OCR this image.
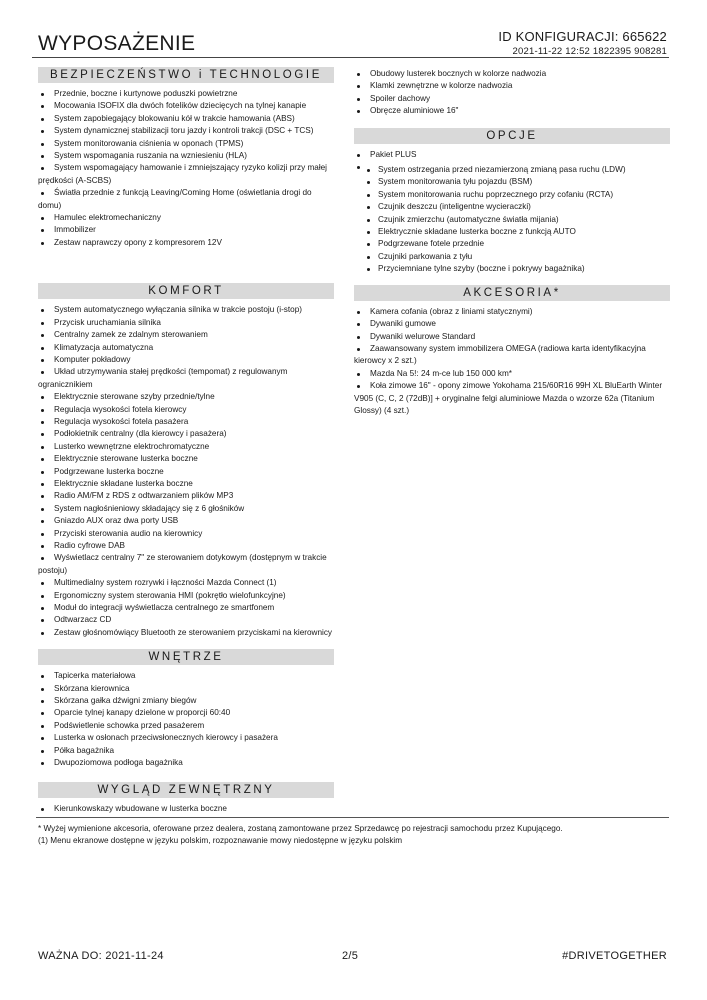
WYPOSAŻENIE	ID KONFIGURACJI: 665622
2021-11-22 12:52 1822395 908281
BEZPIECZEŃSTWO i TECHNOLOGIE
Przednie, boczne i kurtynowe poduszki powietrzne
Mocowania ISOFIX dla dwóch fotelików dziecięcych na tylnej kanapie
System zapobiegający blokowaniu kół w trakcie hamowania (ABS)
System dynamicznej stabilizacji toru jazdy i kontroli trakcji (DSC + TCS)
System monitorowania ciśnienia w oponach (TPMS)
System wspomagania ruszania na wzniesieniu (HLA)
System wspomagający hamowanie i zmniejszający ryzyko kolizji przy małej prędkości (A-SCBS)
Światła przednie z funkcją Leaving/Coming Home (oświetlania drogi do domu)
Hamulec elektromechaniczny
Immobilizer
Zestaw naprawczy opony z kompresorem 12V
KOMFORT
System automatycznego wyłączania silnika w trakcie postoju (i-stop)
Przycisk uruchamiania silnika
Centralny zamek ze zdalnym sterowaniem
Klimatyzacja automatyczna
Komputer pokładowy
Układ utrzymywania stałej prędkości (tempomat) z regulowanym ogranicznikiem
Elektrycznie sterowane szyby przednie/tylne
Regulacja wysokości fotela kierowcy
Regulacja wysokości fotela pasażera
Podłokietnik centralny (dla kierowcy i pasażera)
Lusterko wewnętrzne elektrochromatyczne
Elektrycznie sterowane lusterka boczne
Podgrzewane lusterka boczne
Elektrycznie składane lusterka boczne
Radio AM/FM z RDS z odtwarzaniem plików MP3
System nagłośnieniowy składający się z 6 głośników
Gniazdo AUX oraz dwa porty USB
Przyciski sterowania audio na kierownicy
Radio cyfrowe DAB
Wyświetlacz centralny 7" ze sterowaniem dotykowym (dostępnym w trakcie postoju)
Multimedialny system rozrywki i łączności Mazda Connect (1)
Ergonomiczny system sterowania HMI (pokrętło wielofunkcyjne)
Moduł do integracji wyświetlacza centralnego ze smartfonem
Odtwarzacz CD
Zestaw głośnomówiący Bluetooth ze sterowaniem przyciskami na kierownicy
WNĘTRZE
Tapicerka materiałowa
Skórzana kierownica
Skórzana gałka dźwigni zmiany biegów
Oparcie tylnej kanapy dzielone w proporcji 60:40
Podświetlenie schowka przed pasażerem
Lusterka w osłonach przeciwsłonecznych kierowcy i pasażera
Półka bagażnika
Dwupoziomowa podłoga bagażnika
WYGLĄD ZEWNĘTRZNY
Kierunkowskazy wbudowane w lusterka boczne
Obudowy lusterek bocznych w kolorze nadwozia
Klamki zewnętrzne w kolorze nadwozia
Spoiler dachowy
Obręcze aluminiowe 16"
OPCJE
Pakiet PLUS
System ostrzegania przed niezamierzoną zmianą pasa ruchu (LDW)
System monitorowania tyłu pojazdu (BSM)
System monitorowania ruchu poprzecznego przy cofaniu (RCTA)
Czujnik deszczu (inteligentne wycieraczki)
Czujnik zmierzchu (automatyczne światła mijania)
Elektrycznie składane lusterka boczne z funkcją AUTO
Podgrzewane fotele przednie
Czujniki parkowania z tyłu
Przyciemniane tylne szyby (boczne i pokrywy bagażnika)
AKCESORIA*
Kamera cofania (obraz z liniami statycznymi)
Dywaniki gumowe
Dywaniki welurowe Standard
Zaawansowany system immobilizera OMEGA (radiowa karta identyfikacyjna kierowcy x 2 szt.)
Mazda Na 5!: 24 m-ce lub 150 000 km*
Koła zimowe 16" - opony zimowe Yokohama 215/60R16 99H XL BluEarth Winter V905 (C, C, 2 (72dB)] + oryginalne felgi aluminiowe Mazda o wzorze 62a (Titanium Glossy) (4 szt.)
* Wyżej wymienione akcesoria, oferowane przez dealera, zostaną zamontowane przez Sprzedawcę po rejestracji samochodu przez Kupującego.
(1) Menu ekranowe dostępne w języku polskim, rozpoznawanie mowy niedostępne w języku polskim
WAŻNA DO: 2021-11-24	2/5	#DRIVETOGETHER
